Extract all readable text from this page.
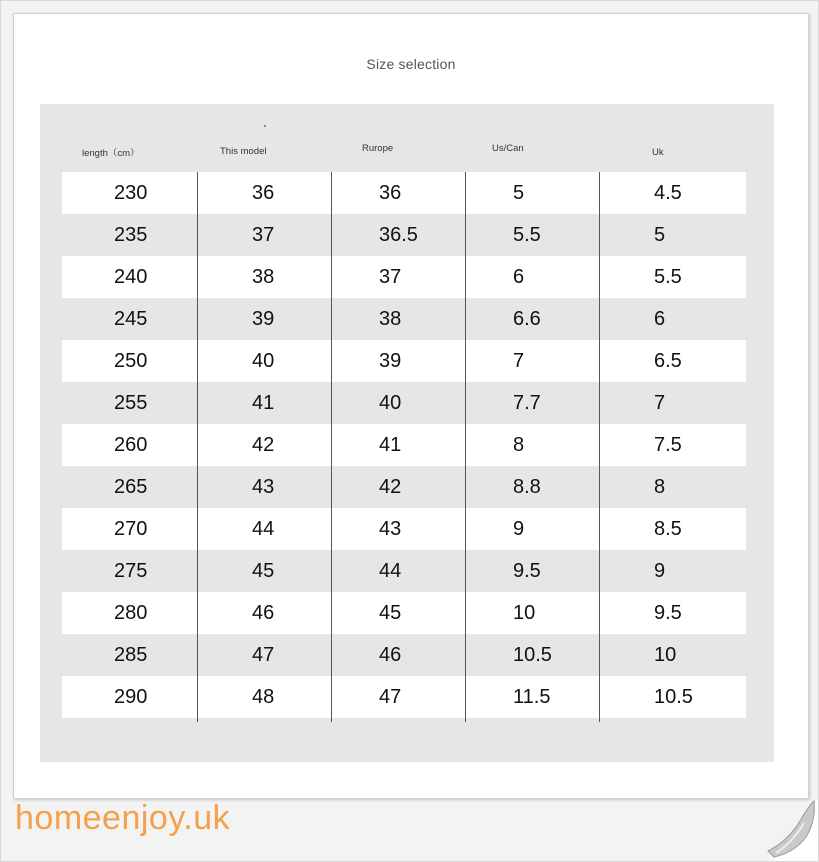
Size selection
length（cm）	This model	Rurope	Us/Can	Uk
230	36	36	5	4.5
235	37	36.5	5.5	5
240	38	37	6	5.5
245	39	38	6.6	6
250	40	39	7	6.5
255	41	40	7.7	7
260	42	41	8	7.5
265	43	42	8.8	8
270	44	43	9	8.5
275	45	44	9.5	9
280	46	45	10	9.5
285	47	46	10.5	10
290	48	47	11.5	10.5
homeenjoy.uk
